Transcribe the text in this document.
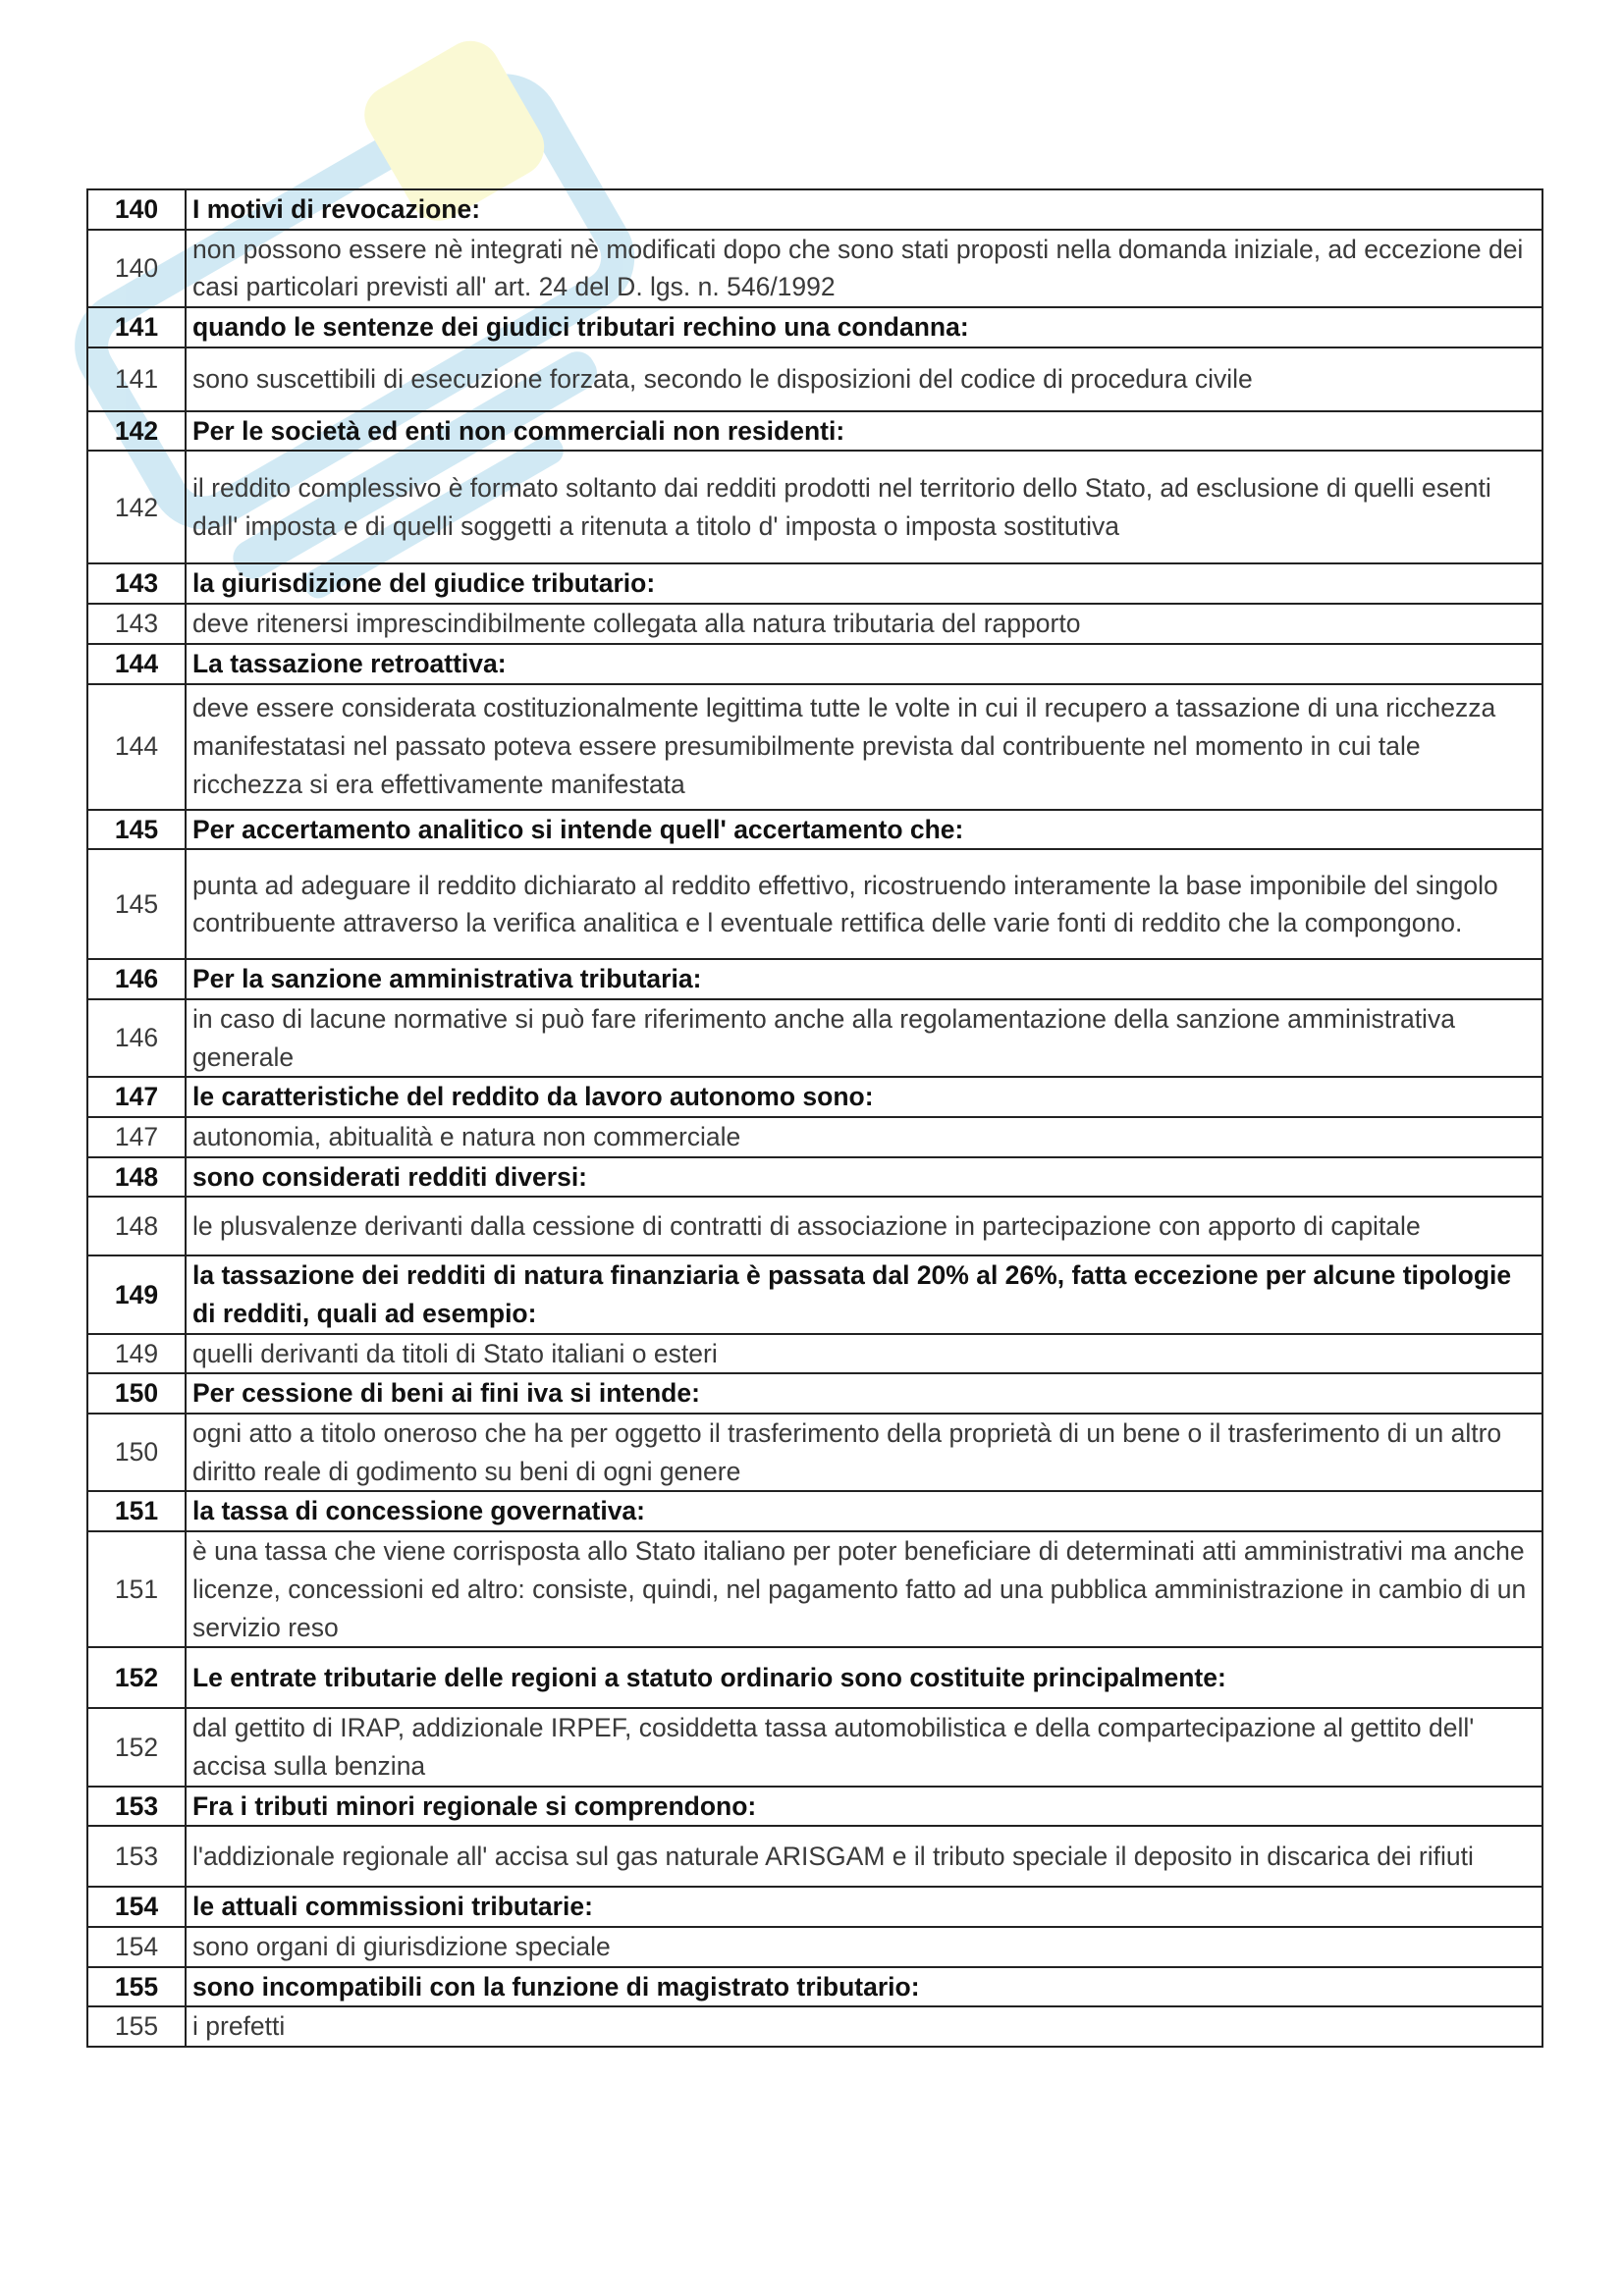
140	I motivi di revocazione:
140	non possono essere nè integrati nè modificati dopo che sono stati proposti nella domanda iniziale, ad eccezione dei casi particolari previsti all' art. 24 del D. lgs. n. 546/1992
141	quando le sentenze dei giudici tributari rechino una condanna:
141	sono suscettibili di esecuzione forzata, secondo le disposizioni del codice di procedura civile
142	Per le società ed enti non commerciali non residenti:
142	il reddito complessivo è formato soltanto dai redditi prodotti nel territorio dello Stato, ad esclusione di quelli esenti dall' imposta e di quelli soggetti a ritenuta a titolo d' imposta o imposta sostitutiva
143	la giurisdizione del giudice tributario:
143	deve ritenersi imprescindibilmente collegata alla natura tributaria del rapporto
144	La tassazione retroattiva:
144	deve essere considerata costituzionalmente legittima tutte le volte in cui il recupero a tassazione di una ricchezza manifestatasi nel passato poteva essere presumibilmente prevista dal contribuente nel momento in cui tale ricchezza si era effettivamente manifestata
145	Per accertamento analitico si intende quell' accertamento che:
145	punta ad adeguare il reddito dichiarato al reddito effettivo, ricostruendo interamente la base imponibile del singolo contribuente attraverso la verifica analitica e l eventuale rettifica delle varie fonti di reddito che la compongono.
146	Per la sanzione amministrativa tributaria:
146	in caso di lacune normative si può fare riferimento anche alla regolamentazione della sanzione amministrativa generale
147	le caratteristiche del reddito da lavoro autonomo sono:
147	autonomia, abitualità e natura non commerciale
148	sono considerati redditi diversi:
148	le plusvalenze derivanti dalla cessione di contratti di associazione in partecipazione con apporto di capitale
149	la tassazione dei redditi di natura finanziaria è passata dal 20% al 26%, fatta eccezione per alcune tipologie di redditi, quali ad esempio:
149	quelli derivanti da titoli di Stato italiani o esteri
150	Per cessione di beni ai fini iva si intende:
150	ogni atto a titolo oneroso che ha per oggetto il trasferimento della proprietà di un bene o il trasferimento di un altro diritto reale di godimento su beni di ogni genere
151	la tassa di concessione governativa:
151	è una tassa che viene corrisposta allo Stato italiano per poter beneficiare di determinati atti amministrativi ma anche licenze, concessioni ed altro: consiste, quindi, nel pagamento fatto ad una pubblica amministrazione in cambio di un servizio reso
152	Le entrate tributarie delle regioni a statuto ordinario sono costituite principalmente:
152	dal gettito di IRAP, addizionale IRPEF, cosiddetta tassa automobilistica e della compartecipazione al gettito dell' accisa sulla benzina
153	Fra i tributi minori regionale si comprendono:
153	l'addizionale regionale all' accisa sul gas naturale ARISGAM e il tributo speciale il deposito in discarica dei rifiuti
154	le attuali commissioni tributarie:
154	sono organi di giurisdizione speciale
155	sono incompatibili con la funzione di magistrato tributario:
155	i prefetti
